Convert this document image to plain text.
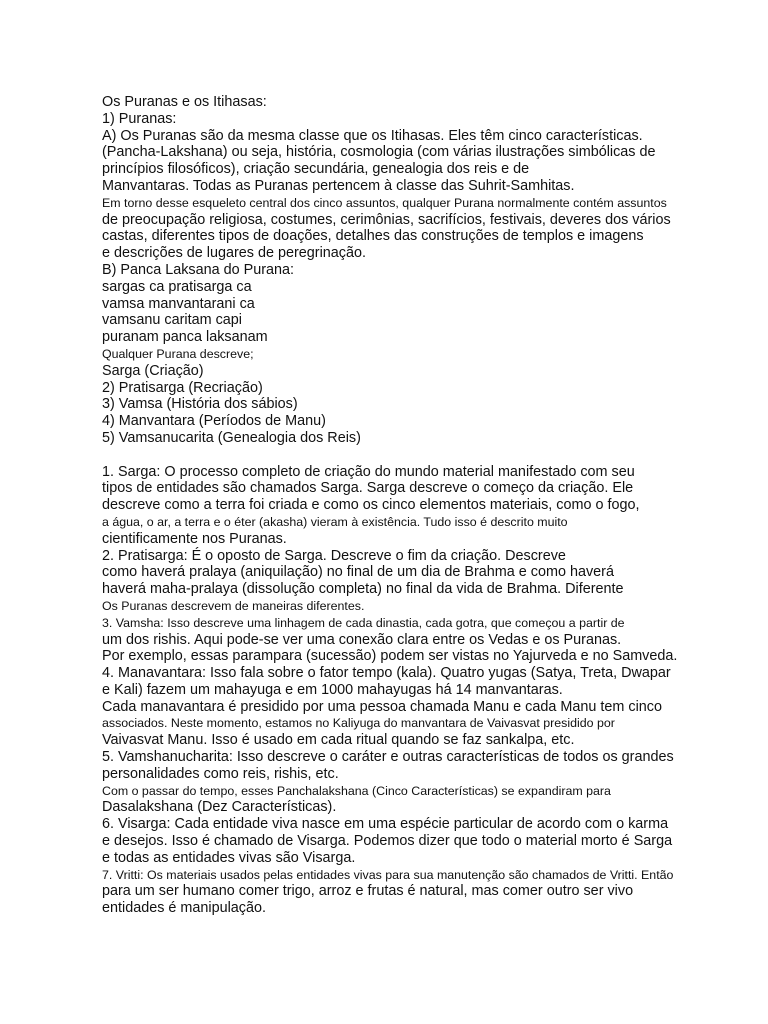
Os Puranas e os Itihasas:
1) Puranas:
A) Os Puranas são da mesma classe que os Itihasas. Eles têm cinco características.
(Pancha-Lakshana) ou seja, história, cosmologia (com várias ilustrações simbólicas de
princípios filosóficos), criação secundária, genealogia dos reis e de
Manvantaras. Todas as Puranas pertencem à classe das Suhrit-Samhitas.
Em torno desse esqueleto central dos cinco assuntos, qualquer Purana normalmente contém assuntos
de preocupação religiosa, costumes, cerimônias, sacrifícios, festivais, deveres dos vários
castas, diferentes tipos de doações, detalhes das construções de templos e imagens
e descrições de lugares de peregrinação.
B) Panca Laksana do Purana:
sargas ca pratisarga ca
vamsa manvantarani ca
vamsanu caritam capi
puranam panca laksanam
Qualquer Purana descreve;
Sarga (Criação)
2) Pratisarga (Recriação)
3) Vamsa (História dos sábios)
4) Manvantara (Períodos de Manu)
5) Vamsanucarita (Genealogia dos Reis)
1. Sarga: O processo completo de criação do mundo material manifestado com seu
tipos de entidades são chamados Sarga. Sarga descreve o começo da criação. Ele
descreve como a terra foi criada e como os cinco elementos materiais, como o fogo,
a água, o ar, a terra e o éter (akasha) vieram à existência. Tudo isso é descrito muito
cientificamente nos Puranas.
2. Pratisarga: É o oposto de Sarga. Descreve o fim da criação. Descreve
como haverá pralaya (aniquilação) no final de um dia de Brahma e como haverá
haverá maha-pralaya (dissolução completa) no final da vida de Brahma. Diferente
Os Puranas descrevem de maneiras diferentes.
3. Vamsha: Isso descreve uma linhagem de cada dinastia, cada gotra, que começou a partir de
um dos rishis. Aqui pode-se ver uma conexão clara entre os Vedas e os Puranas.
Por exemplo, essas parampara (sucessão) podem ser vistas no Yajurveda e no Samveda.
4. Manavantara: Isso fala sobre o fator tempo (kala). Quatro yugas (Satya, Treta, Dwapar
e Kali) fazem um mahayuga e em 1000 mahayugas há 14 manvantaras.
Cada manavantara é presidido por uma pessoa chamada Manu e cada Manu tem cinco
associados. Neste momento, estamos no Kaliyuga do manvantara de Vaivasvat presidido por
Vaivasvat Manu. Isso é usado em cada ritual quando se faz sankalpa, etc.
5. Vamshanucharita: Isso descreve o caráter e outras características de todos os grandes
personalidades como reis, rishis, etc.
Com o passar do tempo, esses Panchalakshana (Cinco Características) se expandiram para
Dasalakshana (Dez Características).
6. Visarga: Cada entidade viva nasce em uma espécie particular de acordo com o karma
e desejos. Isso é chamado de Visarga. Podemos dizer que todo o material morto é Sarga
e todas as entidades vivas são Visarga.
7. Vritti: Os materiais usados pelas entidades vivas para sua manutenção são chamados de Vritti. Então
para um ser humano comer trigo, arroz e frutas é natural, mas comer outro ser vivo
entidades é manipulação.
